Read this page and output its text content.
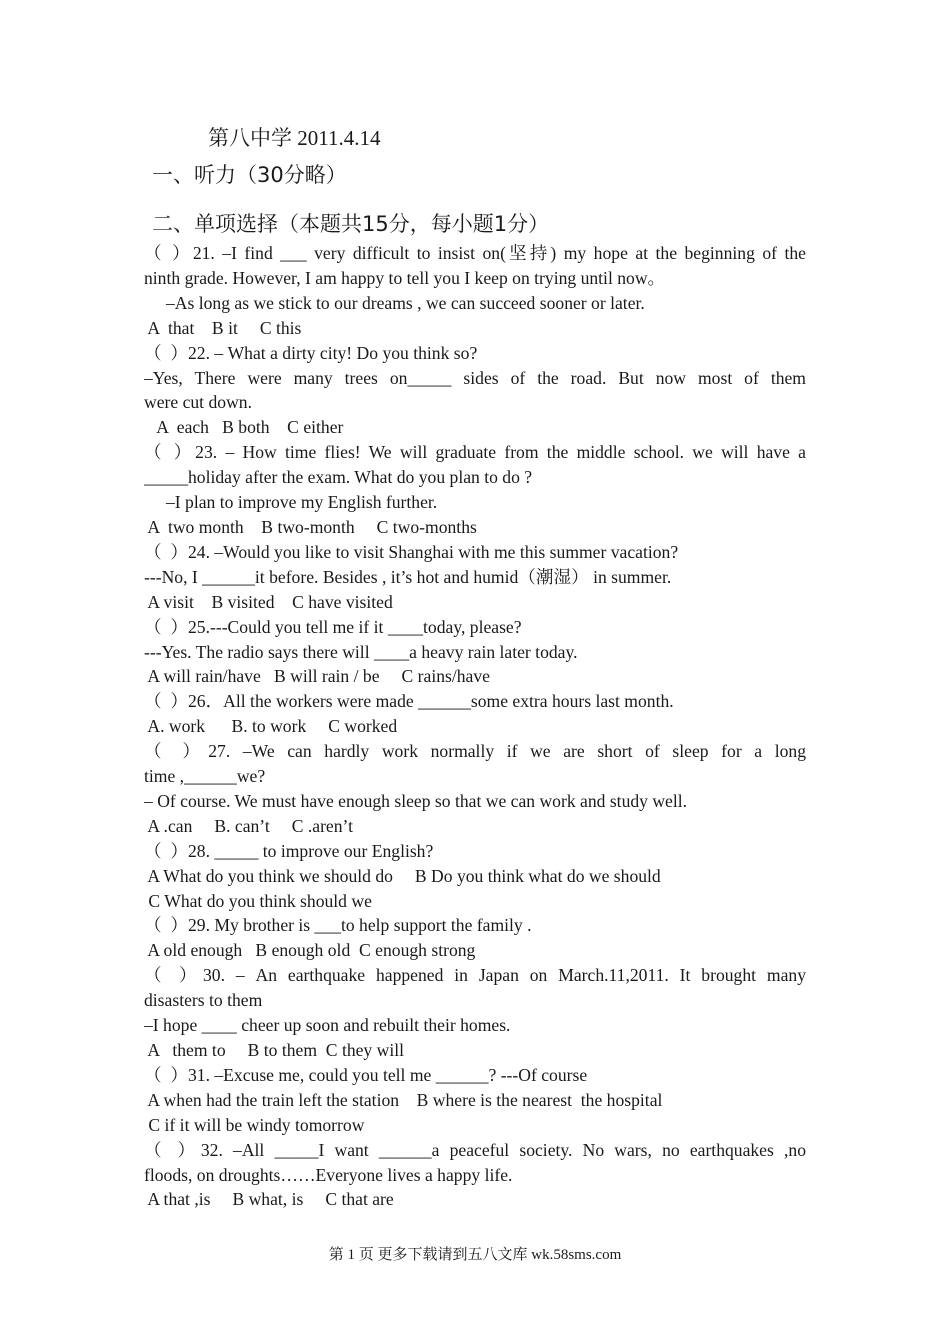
第八中学 2011.4.14
一、听力（30分略）
二、单项选择（本题共15分，每小题1分）
（ ）21. –I find ___ very difficult to insist on(坚持) my hope at the beginning of the
ninth grade. However, I am happy to tell you I keep on trying until now。
–As long as we stick to our dreams , we can succeed sooner or later.
A  that    B it     C this
（  ）22. – What a dirty city! Do you think so?
–Yes, There were many trees on_____ sides of the road. But now most of them
were cut down.
A  each   B both    C either
（ ）23. – How time flies! We will graduate from the middle school. we will have a
_____holiday after the exam. What do you plan to do ?
–I plan to improve my English further.
A  two month    B two-month     C two-months
（  ）24. –Would you like to visit Shanghai with me this summer vacation?
---No, I ______it before. Besides , it’s hot and humid（潮湿） in summer.
A visit    B visited    C have visited
（  ）25.---Could you tell me if it ____today, please?
---Yes. The radio says there will ____a heavy rain later today.
A will rain/have   B will rain / be     C rains/have
（  ）26．All the workers were made ______some extra hours last month.
A. work      B. to work     C worked
（ ）27. –We can hardly work normally if we are short of sleep for a long
time ,______we?
– Of course. We must have enough sleep so that we can work and study well.
A .can     B. can’t     C .aren’t
（  ）28. _____ to improve our English?
A What do you think we should do     B Do you think what do we should
C What do you think should we
（  ）29. My brother is ___to help support the family .
A old enough   B enough old  C enough strong
（ ）30. – An earthquake happened in Japan on March.11,2011. It brought many
disasters to them
–I hope ____ cheer up soon and rebuilt their homes.
A   them to     B to them  C they will
（  ）31. –Excuse me, could you tell me ______? ---Of course
A when had the train left the station    B where is the nearest  the hospital
C if it will be windy tomorrow
（ ）32. –All _____I want ______a peaceful society. No wars, no earthquakes ,no
floods, on droughts……Everyone lives a happy life.
A that ,is     B what, is     C that are
第 1 页 更多下载请到五八文库 wk.58sms.com
